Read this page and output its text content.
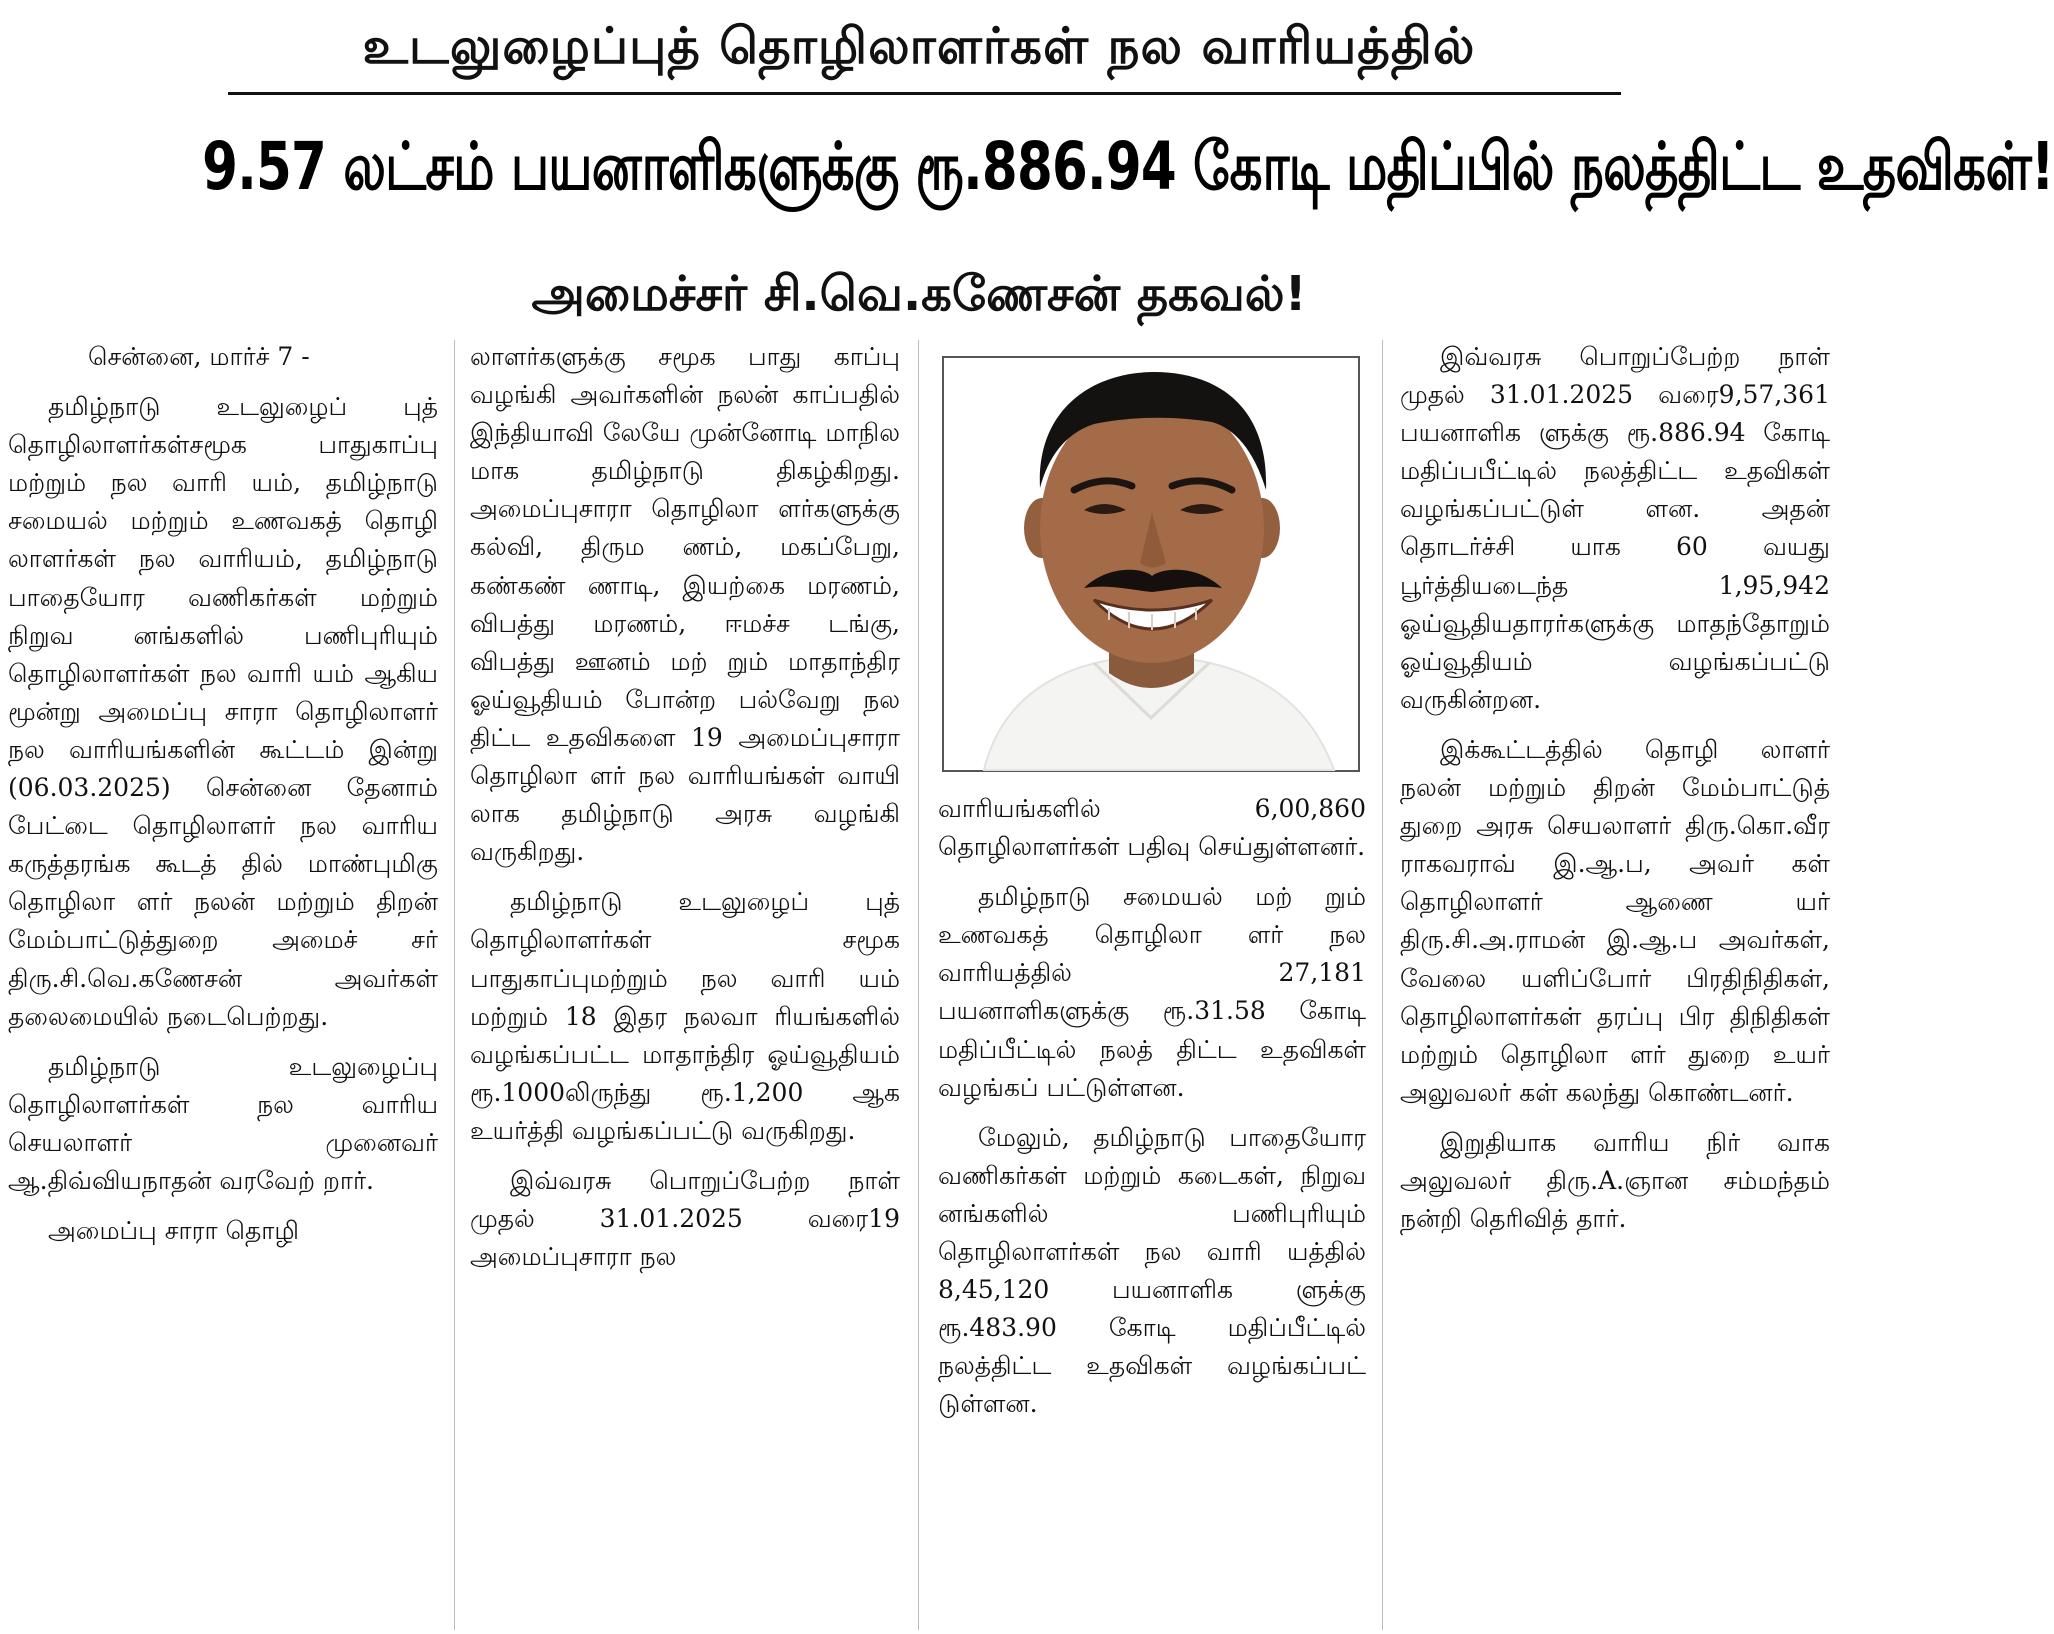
உடலுழைப்புத் தொழிலாளர்கள் நல வாரியத்தில்
9.57 லட்சம் பயனாளிகளுக்கு ரூ.886.94 கோடி மதிப்பில் நலத்திட்ட உதவிகள்!
அமைச்சர் சி.வெ.கணேசன் தகவல்!

சென்னை, மார்ச் 7 -

தமிழ்நாடு உடலுழைப் புத் தொழிலாளர்கள்சமூக பாதுகாப்பு மற்றும் நல வாரி யம், தமிழ்நாடு சமையல் மற்றும் உணவகத் தொழி லாளர்கள் நல வாரியம், தமிழ்நாடு பாதையோர வணிகர்கள் மற்றும் நிறுவ னங்களில் பணிபுரியும் தொழிலாளர்கள் நல வாரி யம் ஆகிய மூன்று அமைப்பு சாரா தொழிலாளர் நல வாரியங்களின் கூட்டம் இன்று (06.03.2025) சென்னை தேனாம் பேட்டை தொழிலாளர் நல வாரிய கருத்தரங்க கூடத் தில் மாண்புமிகு தொழிலா ளர் நலன் மற்றும் திறன் மேம்பாட்டுத்துறை அமைச் சர் திரு.சி.வெ.கணேசன் அவர்கள் தலைமையில் நடைபெற்றது.

தமிழ்நாடு உடலுழைப்பு தொழிலாளர்கள் நல வாரிய செயலாளர் முனைவர் ஆ.திவ்வியநாதன் வரவேற் றார்.

அமைப்பு சாரா தொழி

லாளர்களுக்கு சமூக பாது காப்பு வழங்கி அவர்களின் நலன் காப்பதில் இந்தியாவி லேயே முன்னோடி மாநில மாக தமிழ்நாடு திகழ்கிறது. அமைப்புசாரா தொழிலா ளர்களுக்கு கல்வி, திரும ணம், மகப்பேறு, கண்கண் ணாடி, இயற்கை மரணம், விபத்து மரணம், ஈமச்ச டங்கு, விபத்து ஊனம் மற் றும் மாதாந்திர ஓய்வூதியம் போன்ற பல்வேறு நல திட்ட உதவிகளை 19 அமைப்புசாரா தொழிலா ளர் நல வாரியங்கள் வாயி லாக தமிழ்நாடு அரசு வழங்கி வருகிறது.

தமிழ்நாடு உடலுழைப் புத் தொழிலாளர்கள் சமூக பாதுகாப்புமற்றும் நல வாரி யம் மற்றும் 18 இதர நலவா ரியங்களில் வழங்கப்பட்ட மாதாந்திர ஓய்வூதியம் ரூ.1000லிருந்து ரூ.1,200 ஆக உயர்த்தி வழங்கப்பட்டு வருகிறது.

இவ்வரசு பொறுப்பேற்ற நாள் முதல் 31.01.2025 வரை19 அமைப்புசாரா நல

வாரியங்களில் 6,00,860 தொழிலாளர்கள் பதிவு செய்துள்ளனர்.

தமிழ்நாடு சமையல் மற் றும் உணவகத் தொழிலா ளர் நல வாரியத்தில் 27,181 பயனாளிகளுக்கு ரூ.31.58 கோடி மதிப்பீட்டில் நலத் திட்ட உதவிகள் வழங்கப் பட்டுள்ளன.

மேலும், தமிழ்நாடு பாதையோர வணிகர்கள் மற்றும் கடைகள், நிறுவ னங்களில் பணிபுரியும் தொழிலாளர்கள் நல வாரி யத்தில் 8,45,120 பயனாளிக ளுக்கு ரூ.483.90 கோடி மதிப்பீட்டில் நலத்திட்ட உதவிகள் வழங்கப்பட் டுள்ளன.

இவ்வரசு பொறுப்பேற்ற நாள் முதல் 31.01.2025 வரை9,57,361 பயனாளிக ளுக்கு ரூ.886.94 கோடி மதிப்பபீட்டில் நலத்திட்ட உதவிகள் வழங்கப்பட்டுள் ளன. அதன் தொடர்ச்சி யாக 60 வயது பூர்த்தியடைந்த 1,95,942 ஓய்வூதியதாரர்களுக்கு மாதந்தோறும் ஓய்வூதியம் வழங்கப்பட்டு வருகின்றன.

இக்கூட்டத்தில் தொழி லாளர் நலன் மற்றும் திறன் மேம்பாட்டுத் துறை அரசு செயலாளர் திரு.கொ.வீர ராகவராவ் இ.ஆ.ப, அவர் கள் தொழிலாளர் ஆணை யர் திரு.சி.அ.ராமன் இ.ஆ.ப அவர்கள், வேலை யளிப்போர் பிரதிநிதிகள், தொழிலாளர்கள் தரப்பு பிர திநிதிகள் மற்றும் தொழிலா ளர் துறை உயர் அலுவலர் கள் கலந்து கொண்டனர்.

இறுதியாக வாரிய நிர் வாக அலுவலர் திரு.A.ஞான சம்மந்தம் நன்றி தெரிவித் தார்.
